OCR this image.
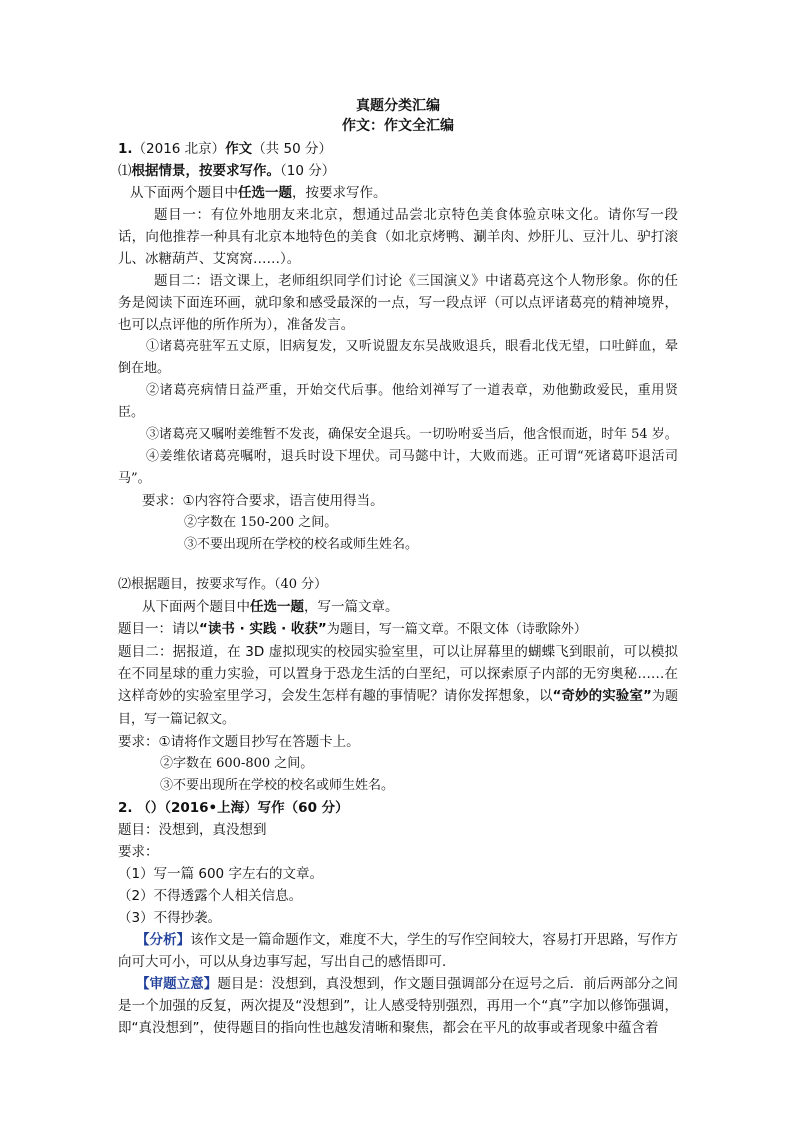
真题分类汇编
作文：作文全汇编
1.（2016 北京）作文（共 50 分）
⑴根据情景，按要求写作。（10 分）
从下面两个题目中任选一题，按要求写作。
题目一：有位外地朋友来北京，想通过品尝北京特色美食体验京味文化。请你写一段话，向他推荐一种具有北京本地特色的美食（如北京烤鸭、涮羊肉、炒肝儿、豆汁儿、驴打滚儿、冰糖葫芦、艾窝窝……）。
题目二：语文课上，老师组织同学们讨论《三国演义》中诸葛亮这个人物形象。你的任务是阅读下面连环画，就印象和感受最深的一点，写一段点评（可以点评诸葛亮的精神境界，也可以点评他的所作所为），准备发言。
①诸葛亮驻军五丈原，旧病复发，又听说盟友东吴战败退兵，眼看北伐无望，口吐鲜血，晕倒在地。
②诸葛亮病情日益严重，开始交代后事。他给刘禅写了一道表章，劝他勤政爱民，重用贤臣。
③诸葛亮又嘱咐姜维暂不发丧，确保安全退兵。一切吩咐妥当后，他含恨而逝，时年 54 岁。
④姜维依诸葛亮嘱咐，退兵时设下埋伏。司马懿中计，大败而逃。正可谓“死诸葛吓退活司马”。
要求：①内容符合要求，语言使用得当。
②字数在 150-200 之间。
③不要出现所在学校的校名或师生姓名。
⑵根据题目，按要求写作。（40 分）
从下面两个题目中任选一题，写一篇文章。
题目一：请以“读书 · 实践 · 收获”为题目，写一篇文章。不限文体（诗歌除外）
题目二：据报道，在 3D 虚拟现实的校园实验室里，可以让屏幕里的蝴蝶飞到眼前，可以模拟在不同星球的重力实验，可以置身于恐龙生活的白垩纪，可以探索原子内部的无穷奥秘……在这样奇妙的实验室里学习，会发生怎样有趣的事情呢？请你发挥想象，以“奇妙的实验室”为题目，写一篇记叙文。
要求：①请将作文题目抄写在答题卡上。
②字数在 600-800 之间。
③不要出现所在学校的校名或师生姓名。
2. （）（2016•上海）写作（60 分）
题目：没想到，真没想到
要求：
（1）写一篇 600 字左右的文章。
（2）不得透露个人相关信息。
（3）不得抄袭。
【分析】该作文是一篇命题作文，难度不大，学生的写作空间较大，容易打开思路，写作方向可大可小，可以从身边事写起，写出自己的感悟即可．
【审题立意】题目是：没想到，真没想到，作文题目强调部分在逗号之后．前后两部分之间是一个加强的反复，两次提及“没想到”，让人感受特别强烈，再用一个“真”字加以修饰强调，即“真没想到”，使得题目的指向性也越发清晰和聚焦，都会在平凡的故事或者现象中蕴含着
